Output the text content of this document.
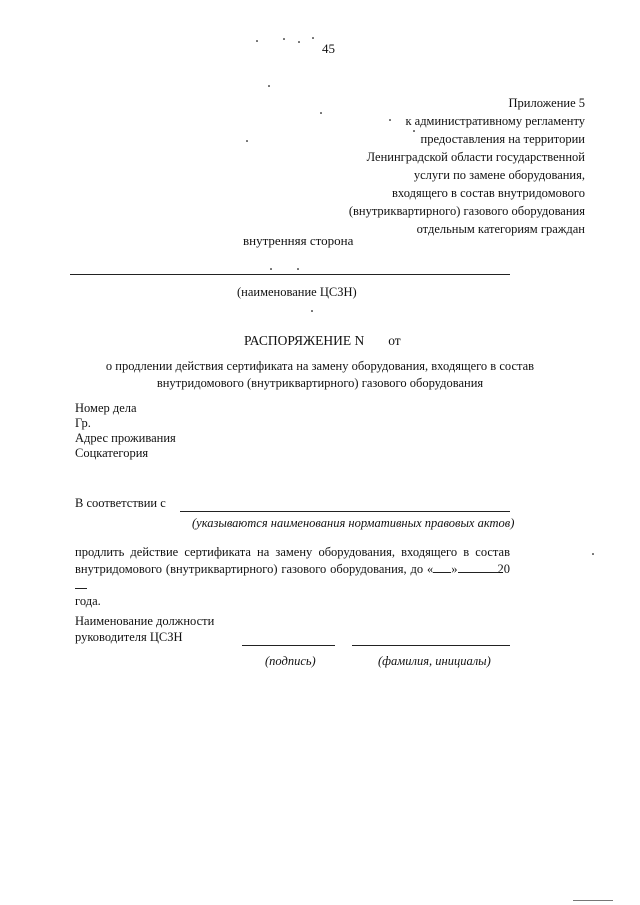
45
Приложение 5
к административному регламенту
предоставления на территории
Ленинградской области государственной
услуги по замене оборудования,
входящего в состав внутридомового
(внутриквартирного) газового оборудования
отдельным категориям граждан
внутренняя сторона
(наименование ЦСЗН)
РАСПОРЯЖЕНИЕ N от
о продлении действия сертификата на замену оборудования, входящего в состав
внутридомового (внутриквартирного) газового оборудования
Номер дела
Гр.
Адрес проживания
Соцкатегория
В соответствии с
(указываются наименования нормативных правовых актов)
продлить действие сертификата на замену оборудования, входящего в состав
внутридомового (внутриквартирного) газового оборудования, до « »	20
года.
Наименование должности
руководителя ЦСЗН
(подпись)	(фамилия, инициалы)
